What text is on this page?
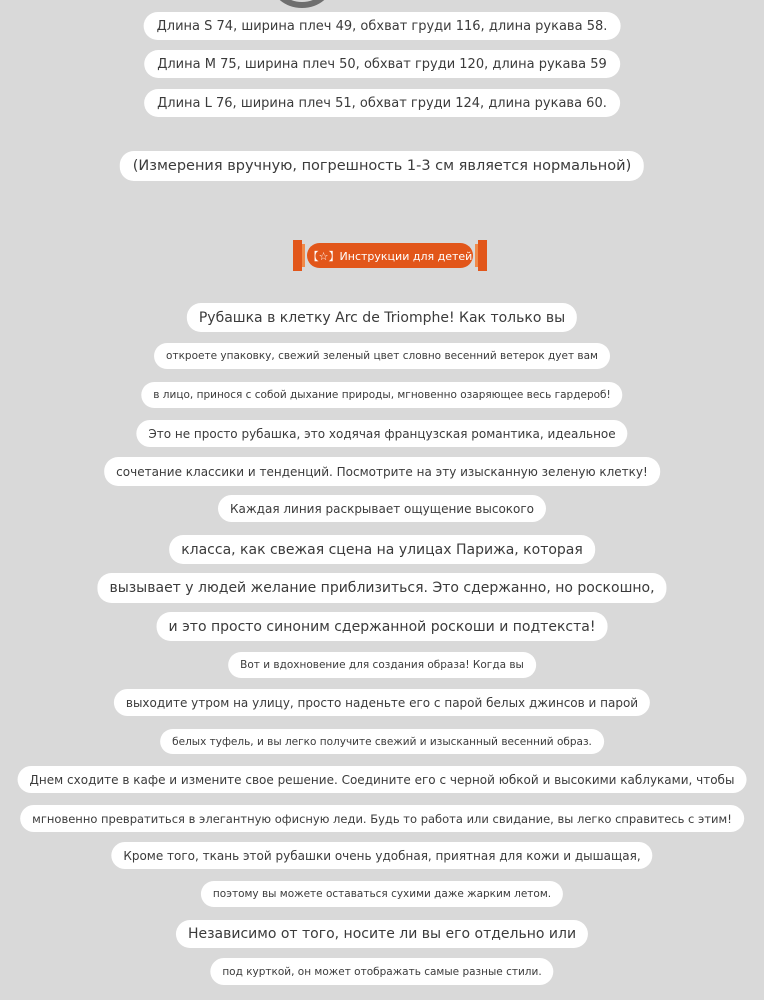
Длина S 74, ширина плеч 49, обхват груди 116, длина рукава 58.
Длина M 75, ширина плеч 50, обхват груди 120, длина рукава 59
Длина L 76, ширина плеч 51, обхват груди 124, длина рукава 60.
(Измерения вручную, погрешность 1-3 см является нормальной)
【☆】Инструкции для детей
Рубашка в клетку Arc de Triomphe! Как только вы
откроете упаковку, свежий зеленый цвет словно весенний ветерок дует вам
в лицо, принося с собой дыхание природы, мгновенно озаряющее весь гардероб!
Это не просто рубашка, это ходячая французская романтика, идеальное
сочетание классики и тенденций. Посмотрите на эту изысканную зеленую клетку!
Каждая линия раскрывает ощущение высокого
класса, как свежая сцена на улицах Парижа, которая
вызывает у людей желание приблизиться. Это сдержанно, но роскошно,
и это просто синоним сдержанной роскоши и подтекста!
Вот и вдохновение для создания образа! Когда вы
выходите утром на улицу, просто наденьте его с парой белых джинсов и парой
белых туфель, и вы легко получите свежий и изысканный весенний образ.
Днем сходите в кафе и измените свое решение. Соедините его с черной юбкой и высокими каблуками, чтобы
мгновенно превратиться в элегантную офисную леди. Будь то работа или свидание, вы легко справитесь с этим!
Кроме того, ткань этой рубашки очень удобная, приятная для кожи и дышащая,
поэтому вы можете оставаться сухими даже жарким летом.
Независимо от того, носите ли вы его отдельно или
под курткой, он может отображать самые разные стили.
